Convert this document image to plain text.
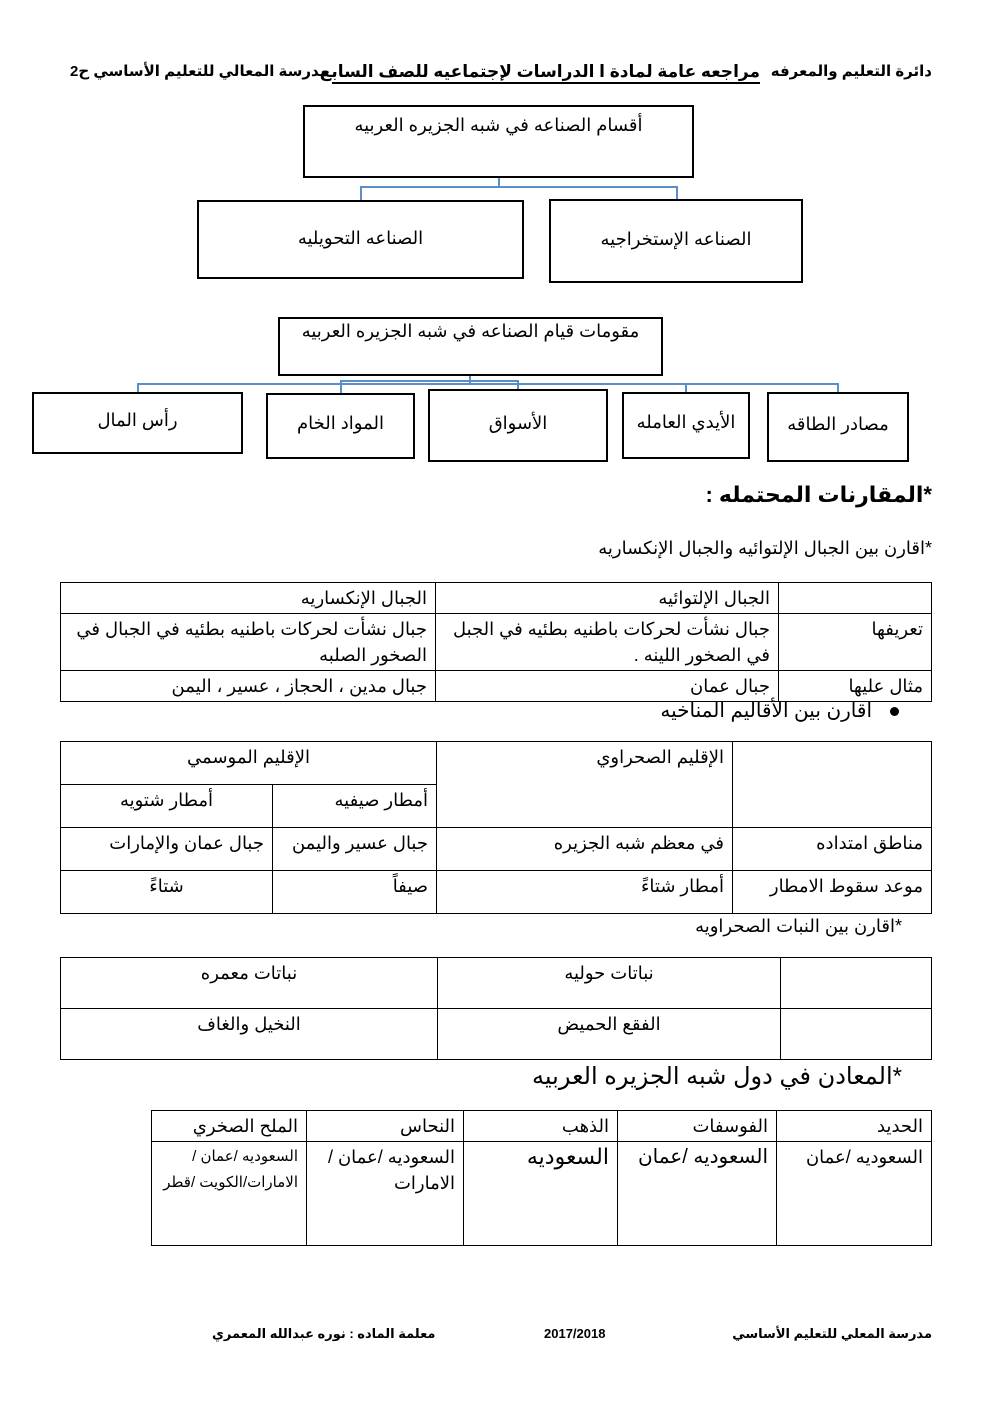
دائرة التعليم والمعرفه
مراجعه عامة لمادة ا الدراسات لإجتماعيه للصف السابع
مدرسة المعالي للتعليم الأساسي ح2
أقسام الصناعه في شبه الجزيره العربيه
الصناعه الإستخراجيه
الصناعه التحويليه
مقومات قيام الصناعه في شبه الجزيره العربيه
مصادر الطاقه
الأيدي العامله
الأسواق
المواد الخام
رأس المال
*المقارنات المحتمله :
*اقارن بين الجبال الإلتوائيه والجبال الإنكساريه
	الجبال الإلتوائيه	الجبال الإنكساريه
تعريفها	جبال نشأت لحركات باطنيه بطئيه في الجبل في الصخور اللينه .	جبال نشأت لحركات باطنيه بطئيه في الجبال في الصخور الصلبه
مثال عليها	جبال عمان	جبال مدين ، الحجاز ، عسير ، اليمن
اقارن بين الأقاليم المناخيه
	الإقليم الصحراوي	الإقليم الموسمي	
		أمطار صيفيه	أمطار شتويه
مناطق امتداده	في معظم شبه الجزيره	جبال عسير واليمن	جبال عمان والإمارات
موعد سقوط الامطار	أمطار شتاءً	صيفاً	شتاءً
*اقارن بين النبات الصحراويه
	نباتات حوليه	نباتات معمره
	الفقع الحميض	النخيل والغاف
*المعادن في دول شبه الجزيره العربيه
الحديد	الفوسفات	الذهب	النحاس	الملح الصخري
السعوديه /عمان	السعوديه /عمان	السعوديه	السعوديه /عمان /الامارات	السعوديه /عمان /الامارات/الكويت /قطر
مدرسة المعلي للتعليم الأساسي
2017/2018
معلمة الماده : نوره عبدالله المعمري
